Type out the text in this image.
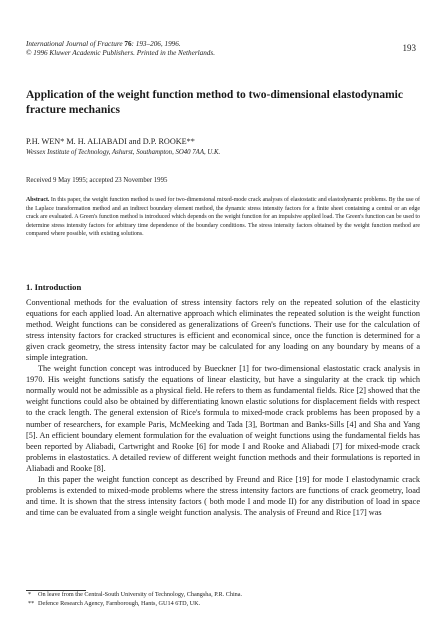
International Journal of Fracture 76: 193–206, 1996.
© 1996 Kluwer Academic Publishers. Printed in the Netherlands.	193
Application of the weight function method to two-dimensional elastodynamic fracture mechanics
P.H. WEN* M. H. ALIABADI and D.P. ROOKE**
Wessex Institute of Technology, Ashurst, Southampton, SO40 7AA, U.K.
Received 9 May 1995; accepted 23 November 1995
Abstract. In this paper, the weight function method is used for two-dimensional mixed-mode crack analyses of elastostatic and elastodynamic problems. By the use of the Laplace transformation method and an indirect boundary element method, the dynamic stress intensity factors for a finite sheet containing a central or an edge crack are evaluated. A Green's function method is introduced which depends on the weight function for an impulsive applied load. The Green's function can be used to determine stress intensity factors for arbitrary time dependence of the boundary conditions. The stress intensity factors obtained by the weight function method are compared where possible, with existing solutions.
1. Introduction

Conventional methods for the evaluation of stress intensity factors rely on the repeated solution of the elasticity equations for each applied load. An alternative approach which eliminates the repeated solution is the weight function method. Weight functions can be considered as generalizations of Green's functions. Their use for the calculation of stress intensity factors for cracked structures is efficient and economical since, once the function is determined for a given crack geometry, the stress intensity factor may be calculated for any loading on any boundary by means of a simple integration.

The weight function concept was introduced by Bueckner [1] for two-dimensional elastostatic crack analysis in 1970. His weight functions satisfy the equations of linear elasticity, but have a singularity at the crack tip which normally would not be admissible as a physical field. He refers to them as fundamental fields. Rice [2] showed that the weight functions could also be obtained by differentiating known elastic solutions for displacement fields with respect to the crack length. The general extension of Rice's formula to mixed-mode crack problems has been proposed by a number of researchers, for example Paris, McMeeking and Tada [3], Bortman and Banks-Sills [4] and Sha and Yang [5]. An efficient boundary element formulation for the evaluation of weight functions using the fundamental fields has been reported by Aliabadi, Cartwright and Rooke [6] for mode I and Rooke and Aliabadi [7] for mixed-mode crack problems in elastostatics. A detailed review of different weight function methods and their formulations is reported in Aliabadi and Rooke [8].

In this paper the weight function concept as described by Freund and Rice [19] for mode I elastodynamic crack problems is extended to mixed-mode problems where the stress intensity factors are functions of crack geometry, load and time. It is shown that the stress intensity factors ( both mode I and mode II) for any distribution of load in space and time can be evaluated from a single weight function analysis. The analysis of Freund and Rice [17] was

* On leave from the Central-South University of Technology, Changsha, P.R. China.
** Defence Research Agency, Farnborough, Hants, GU14 6TD, UK.
